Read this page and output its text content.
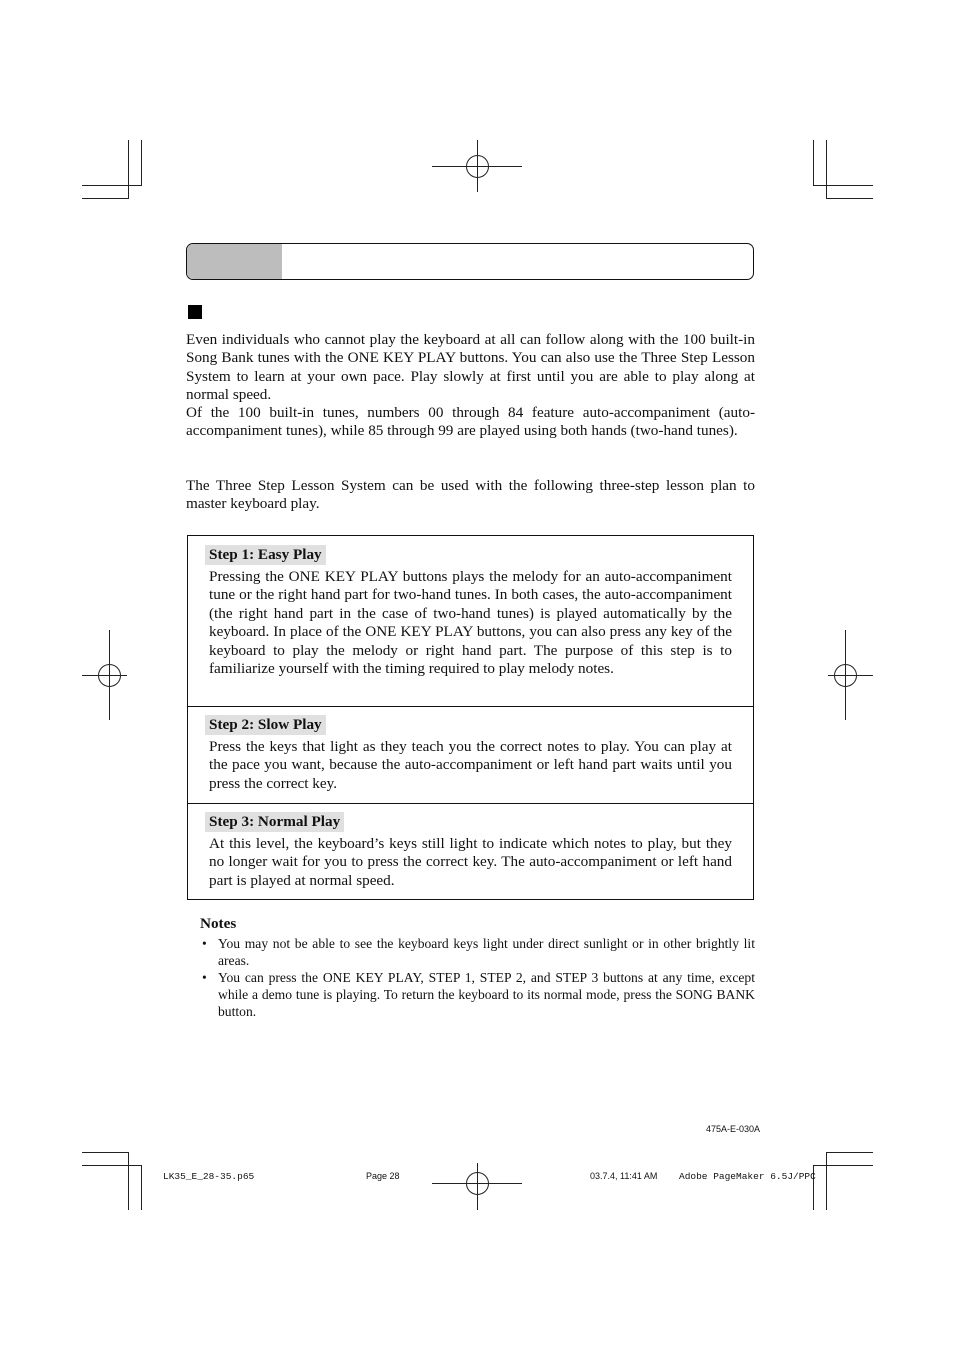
Even individuals who cannot play the keyboard at all can follow along with the 100 built-in Song Bank tunes with the ONE KEY PLAY buttons. You can also use the Three Step Lesson System to learn at your own pace. Play slowly at first until you are able to play along at normal speed.

Of the 100 built-in tunes, numbers 00 through 84 feature auto-accompaniment (auto-accompaniment tunes), while 85 through 99 are played using both hands (two-hand tunes).

The Three Step Lesson System can be used with the following three-step lesson plan to master keyboard play.

Step 1: Easy Play

Pressing the ONE KEY PLAY buttons plays the melody for an auto-accompaniment tune or the right hand part for two-hand tunes. In both cases, the auto-accompaniment (the right hand part in the case of two-hand tunes) is played automatically by the keyboard. In place of the ONE KEY PLAY buttons, you can also press any key of the keyboard to play the melody or right hand part. The purpose of this step is to familiarize yourself with the timing required to play melody notes.

Step 2: Slow Play

Press the keys that light as they teach you the correct notes to play. You can play at the pace you want, because the auto-accompaniment or left hand part waits until you press the correct key.

Step 3: Normal Play

At this level, the keyboard’s keys still light to indicate which notes to play, but they no longer wait for you to press the correct key. The auto-accompaniment or left hand part is played at normal speed.

Notes
• You may not be able to see the keyboard keys light under direct sunlight or in other brightly lit areas.
• You can press the ONE KEY PLAY, STEP 1, STEP 2, and STEP 3 buttons at any time, except while a demo tune is playing. To return the keyboard to its normal mode, press the SONG BANK button.
475A-E-030A
LK35_E_28-35.p65	Page 28	03.7.4, 11:41 AM Adobe PageMaker 6.5J/PPC
